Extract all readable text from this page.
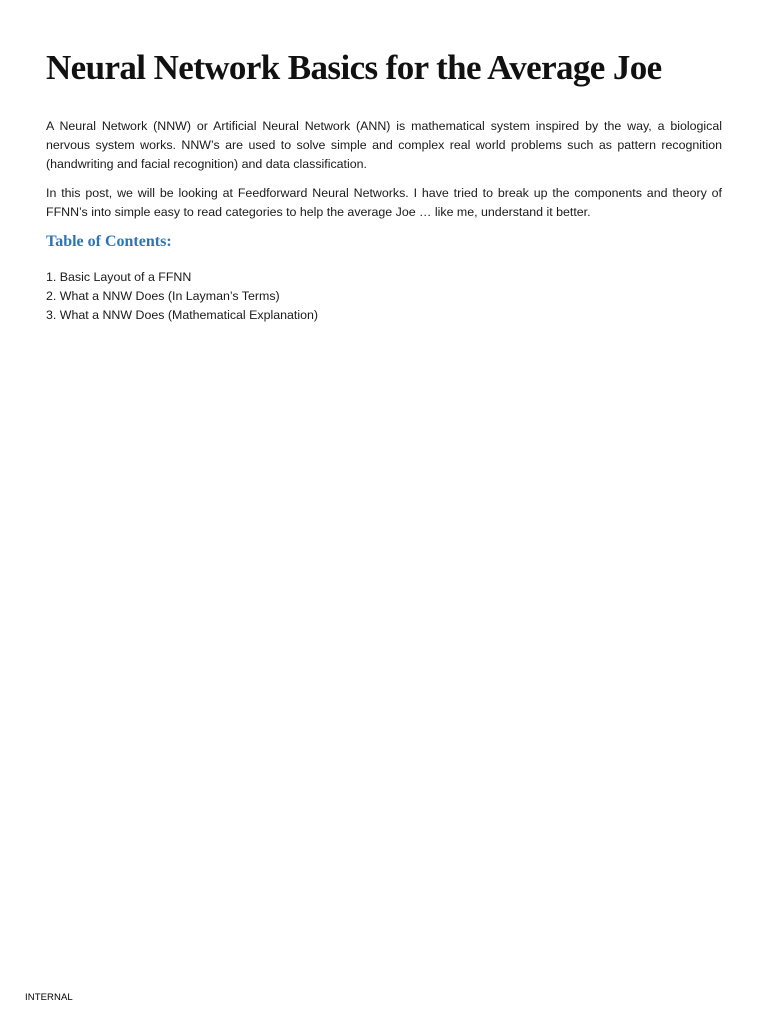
Neural Network Basics for the Average Joe

A Neural Network (NNW) or Artificial Neural Network (ANN) is mathematical system inspired by the way, a biological nervous system works. NNW’s are used to solve simple and complex real world problems such as pattern recognition (handwriting and facial recognition) and data classification.

In this post, we will be looking at Feedforward Neural Networks. I have tried to break up the components and theory of FFNN’s into simple easy to read categories to help the average Joe … like me, understand it better.

Table of Contents:
1. Basic Layout of a FFNN
2. What a NNW Does (In Layman’s Terms)
3. What a NNW Does (Mathematical Explanation)
INTERNAL
